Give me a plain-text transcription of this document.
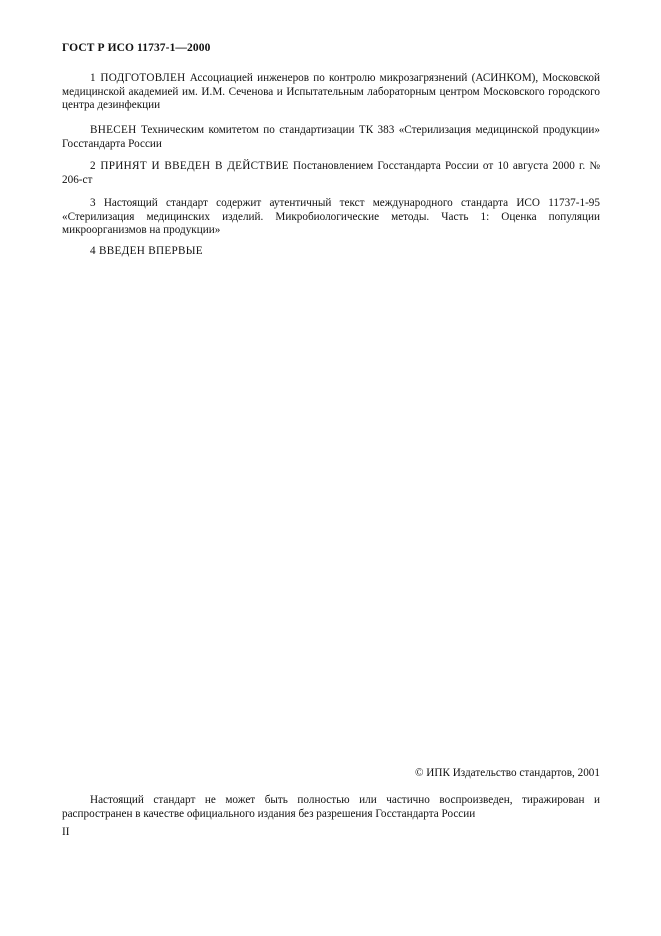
ГОСТ Р ИСО 11737-1—2000

1 ПОДГОТОВЛЕН Ассоциацией инженеров по контролю микрозагрязнений (АСИНКОМ), Московской медицинской академией им. И.М. Сеченова и Испытательным лабораторным центром Московского городского центра дезинфекции

ВНЕСЕН Техническим комитетом по стандартизации ТК 383 «Стерилизация медицинской продукции» Госстандарта России

2 ПРИНЯТ И ВВЕДЕН В ДЕЙСТВИЕ Постановлением Госстандарта России от 10 августа 2000 г. № 206-ст

3 Настоящий стандарт содержит аутентичный текст международного стандарта ИСО 11737-1-95 «Стерилизация медицинских изделий. Микробиологические методы. Часть 1: Оценка популяции микроорганизмов на продукции»

4 ВВЕДЕН ВПЕРВЫЕ

© ИПК Издательство стандартов, 2001

Настоящий стандарт не может быть полностью или частично воспроизведен, тиражирован и распространен в качестве официального издания без разрешения Госстандарта России

II
